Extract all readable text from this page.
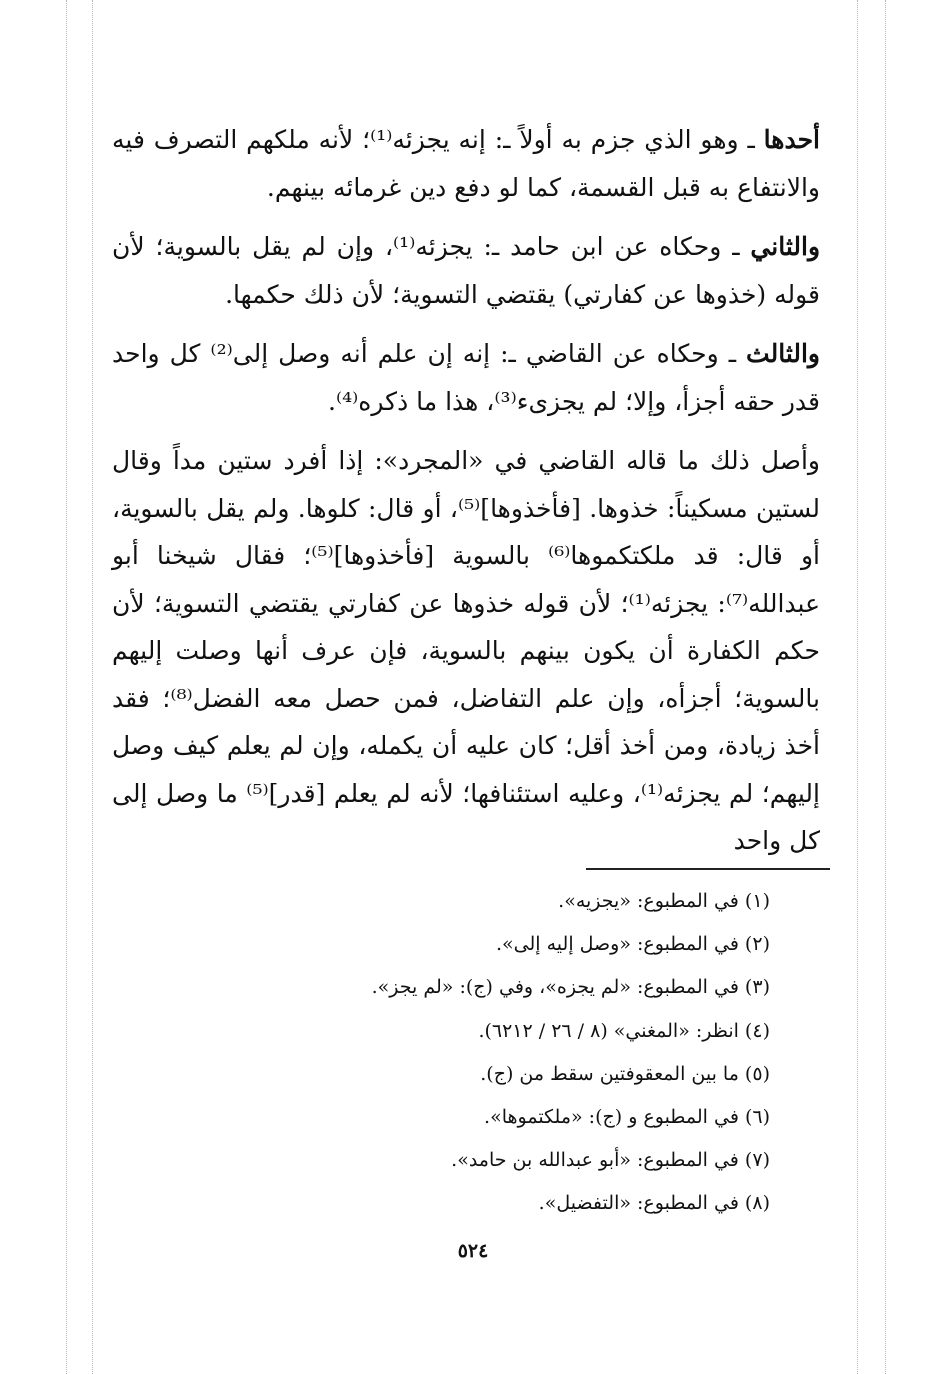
أحدها ـ وهو الذي جزم به أولاً ـ: إنه يجزئه⁽¹⁾؛ لأنه ملكهم التصرف فيه والانتفاع به قبل القسمة، كما لو دفع دين غرمائه بينهم.

والثاني ـ وحكاه عن ابن حامد ـ: يجزئه⁽¹⁾، وإن لم يقل بالسوية؛ لأن قوله (خذوها عن كفارتي) يقتضي التسوية؛ لأن ذلك حكمها.

والثالث ـ وحكاه عن القاضي ـ: إنه إن علم أنه وصل إلى⁽²⁾ كل واحد قدر حقه أجزأ، وإلا؛ لم يجزىء⁽³⁾، هذا ما ذكره⁽⁴⁾.

وأصل ذلك ما قاله القاضي في «المجرد»: إذا أفرد ستين مداً وقال لستين مسكيناً: خذوها. [فأخذوها]⁽⁵⁾، أو قال: كلوها. ولم يقل بالسوية، أو قال: قد ملكتكموها⁽⁶⁾ بالسوية [فأخذوها]⁽⁵⁾؛ فقال شيخنا أبو عبدالله⁽⁷⁾: يجزئه⁽¹⁾؛ لأن قوله خذوها عن كفارتي يقتضي التسوية؛ لأن حكم الكفارة أن يكون بينهم بالسوية، فإن عرف أنها وصلت إليهم بالسوية؛ أجزأه، وإن علم التفاضل، فمن حصل معه الفضل⁽⁸⁾؛ فقد أخذ زيادة، ومن أخذ أقل؛ كان عليه أن يكمله، وإن لم يعلم كيف وصل إليهم؛ لم يجزئه⁽¹⁾، وعليه استئنافها؛ لأنه لم يعلم [قدر]⁽⁵⁾ ما وصل إلى كل واحد

(١) في المطبوع: «يجزيه».

(٢) في المطبوع: «وصل إليه إلى».

(٣) في المطبوع: «لم يجزه»، وفي (ج): «لم يجز».

(٤) انظر: «المغني» (٨ / ٢٦ / ٦٢١٢).

(٥) ما بين المعقوفتين سقط من (ج).

(٦) في المطبوع و (ج): «ملكتموها».

(٧) في المطبوع: «أبو عبدالله بن حامد».

(٨) في المطبوع: «التفضيل».

٥٢٤
